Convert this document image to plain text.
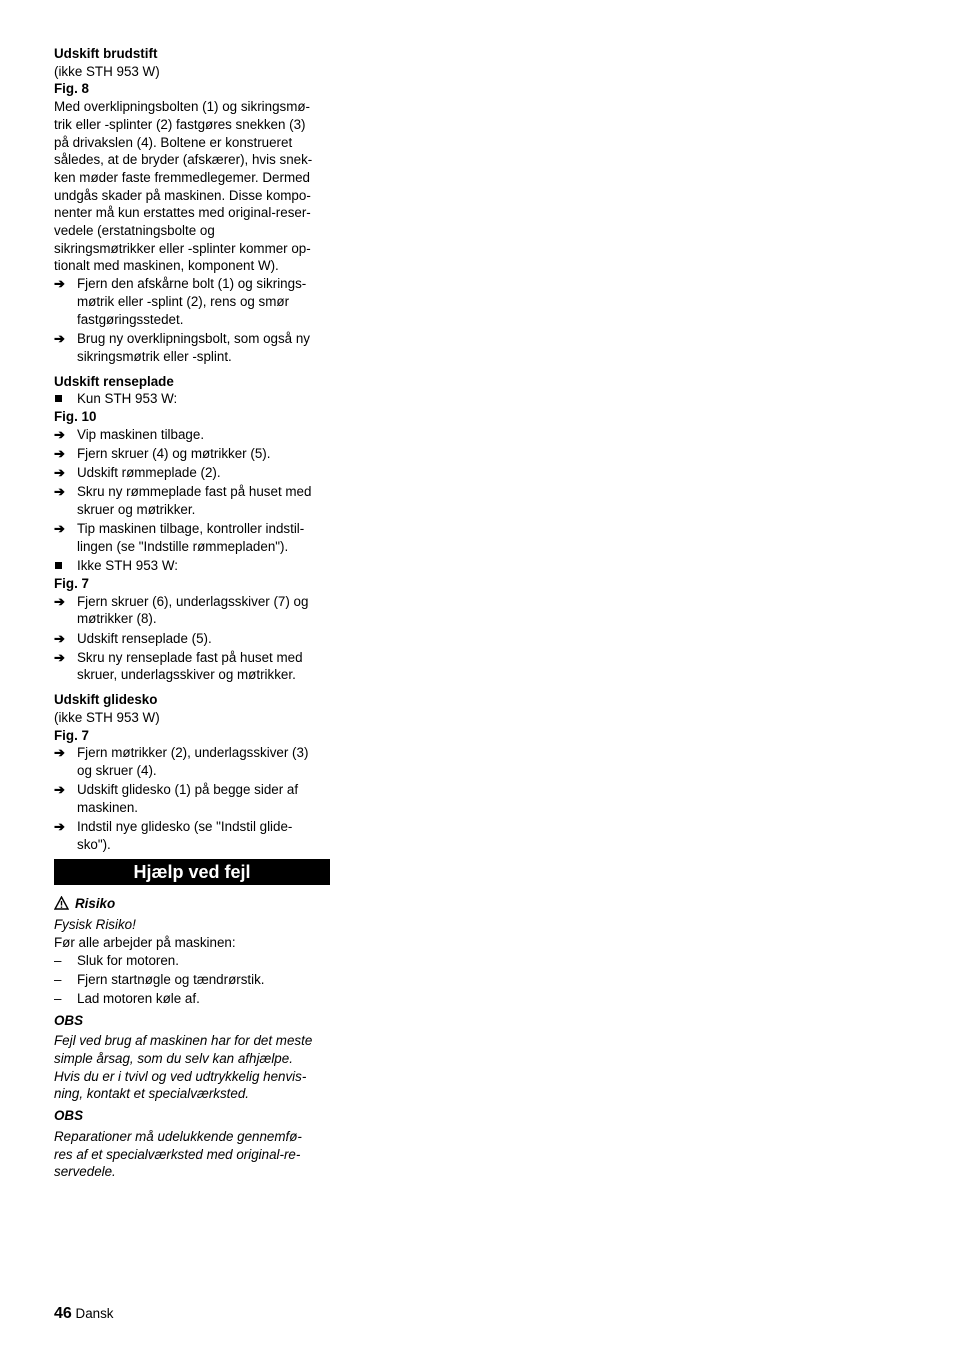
Udskift brudstift
(ikke STH 953 W)
Fig. 8
Med overklipningsbolten (1) og sikringsmø-
trik eller -splinter (2) fastgøres snekken (3)
på drivakslen (4). Boltene er konstrueret
således, at de bryder (afskærer), hvis snek-
ken møder faste fremmedlegemer. Dermed
undgås skader på maskinen. Disse kompo-
nenter må kun erstattes med original-reser-
vedele (erstatningsbolte og
sikringsmøtrikker eller -splinter kommer op-
tionalt med maskinen, komponent W).
➔ Fjern den afskårne bolt (1) og sikrings-
møtrik eller -splint (2), rens og smør
fastgøringsstedet.
➔ Brug ny overklipningsbolt, som også ny
sikringsmøtrik eller -splint.
Udskift renseplade
Kun STH 953 W:
Fig. 10
➔ Vip maskinen tilbage.
➔ Fjern skruer (4) og møtrikker (5).
➔ Udskift rømmeplade (2).
➔ Skru ny rømmeplade fast på huset med
skruer og møtrikker.
➔ Tip maskinen tilbage, kontroller indstil-
lingen (se "Indstille rømmepladen").
Ikke STH 953 W:
Fig. 7
➔ Fjern skruer (6), underlagsskiver (7) og
møtrikker (8).
➔ Udskift renseplade (5).
➔ Skru ny renseplade fast på huset med
skruer, underlagsskiver og møtrikker.
Udskift glidesko
(ikke STH 953 W)
Fig. 7
➔ Fjern møtrikker (2), underlagsskiver (3)
og skruer (4).
➔ Udskift glidesko (1) på begge sider af
maskinen.
➔ Indstil nye glidesko (se "Indstil glide-
sko").
Hjælp ved fejl
Risiko
Fysisk Risiko!
Før alle arbejder på maskinen:
–	Sluk for motoren.
–	Fjern startnøgle og tændrørstik.
–	Lad motoren køle af.
OBS
Fejl ved brug af maskinen har for det meste
simple årsag, som du selv kan afhjælpe.
Hvis du er i tvivl og ved udtrykkelig henvis-
ning, kontakt et specialværksted.
OBS
Reparationer må udelukkende gennemfø-
res af et specialværksted med original-re-
servedele.
46 Dansk
